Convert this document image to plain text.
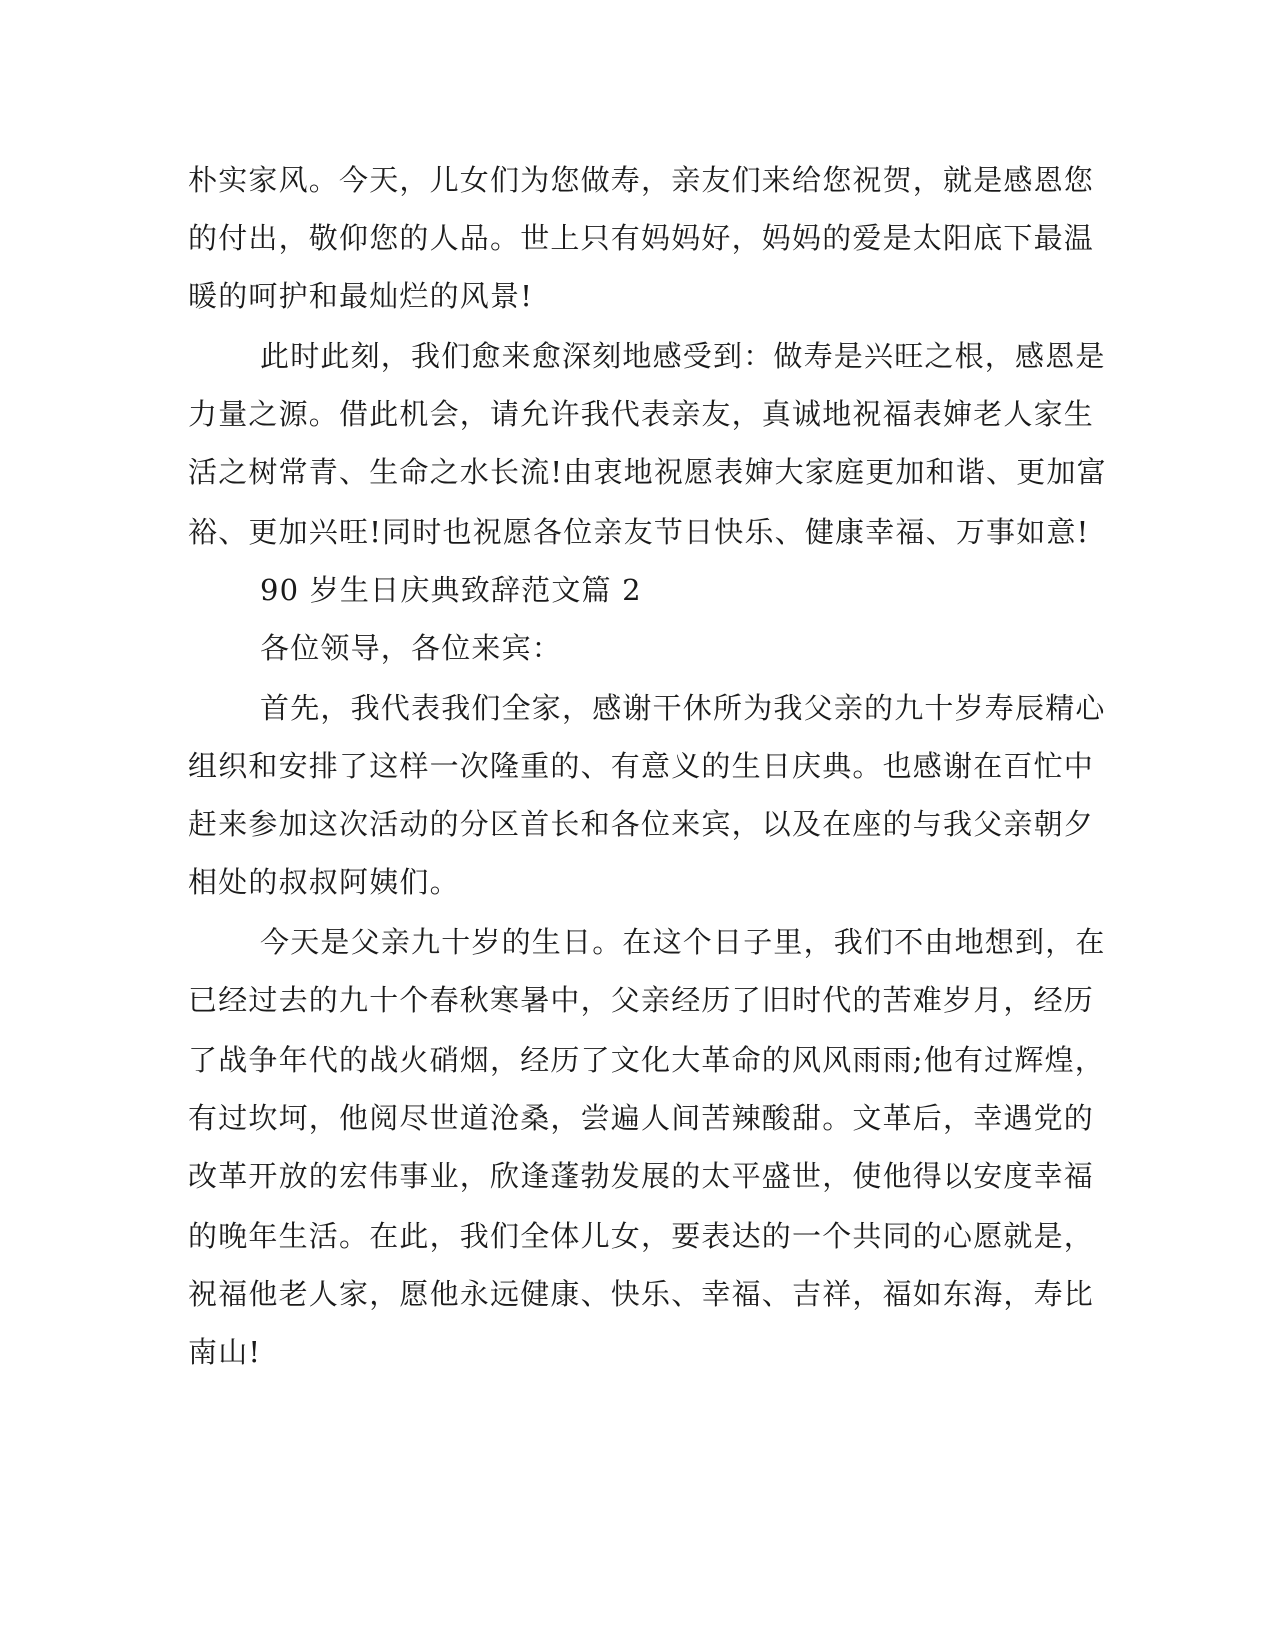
朴实家风。今天，儿女们为您做寿，亲友们来给您祝贺，就是感恩您
的付出，敬仰您的人品。世上只有妈妈好，妈妈的爱是太阳底下最温
暖的呵护和最灿烂的风景!
此时此刻，我们愈来愈深刻地感受到：做寿是兴旺之根，感恩是
力量之源。借此机会，请允许我代表亲友，真诚地祝福表婶老人家生
活之树常青、生命之水长流!由衷地祝愿表婶大家庭更加和谐、更加富
裕、更加兴旺!同时也祝愿各位亲友节日快乐、健康幸福、万事如意!
90 岁生日庆典致辞范文篇 2
各位领导，各位来宾：
首先，我代表我们全家，感谢干休所为我父亲的九十岁寿辰精心
组织和安排了这样一次隆重的、有意义的生日庆典。也感谢在百忙中
赶来参加这次活动的分区首长和各位来宾，以及在座的与我父亲朝夕
相处的叔叔阿姨们。
今天是父亲九十岁的生日。在这个日子里，我们不由地想到，在
已经过去的九十个春秋寒暑中，父亲经历了旧时代的苦难岁月，经历
了战争年代的战火硝烟，经历了文化大革命的风风雨雨;他有过辉煌，
有过坎坷，他阅尽世道沧桑，尝遍人间苦辣酸甜。文革后，幸遇党的
改革开放的宏伟事业，欣逢蓬勃发展的太平盛世，使他得以安度幸福
的晚年生活。在此，我们全体儿女，要表达的一个共同的心愿就是，
祝福他老人家，愿他永远健康、快乐、幸福、吉祥，福如东海，寿比
南山!
